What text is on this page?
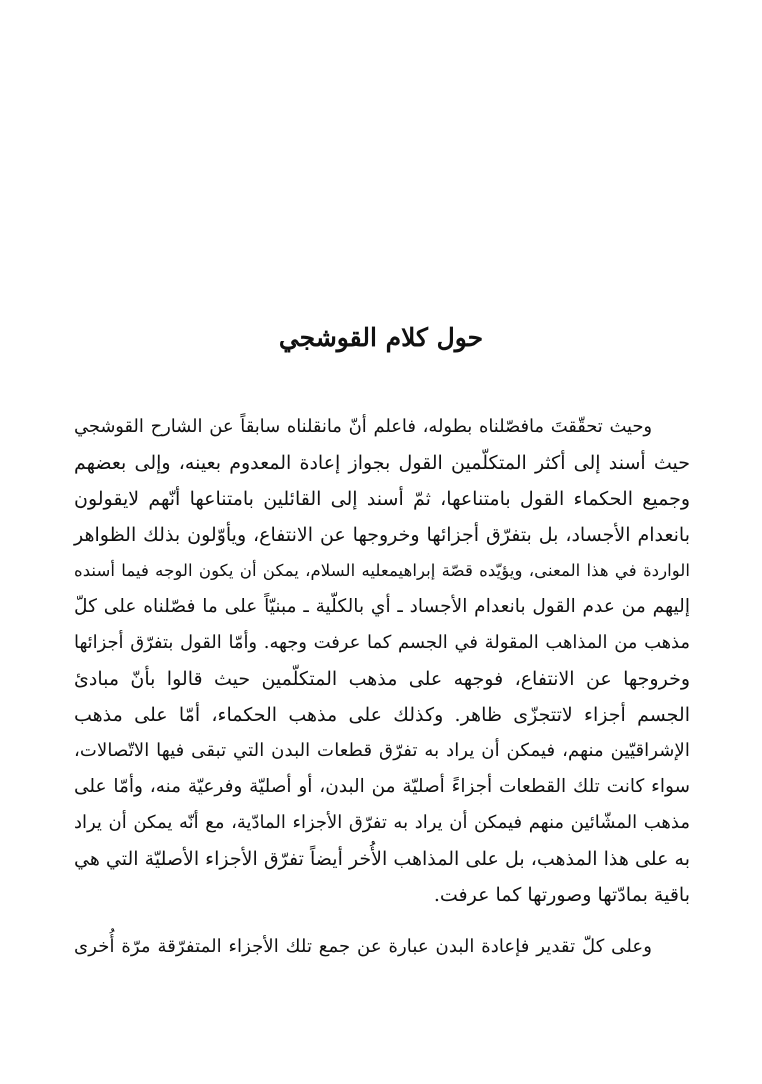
حول كلام القوشجي
وحيث تحقّقتَ مافصّلناه بطوله، فاعلم أنّ مانقلناه سابقاً عن الشارح القوشجي
حيث أسند إلى أكثر المتكلّمين القول بجواز إعادة المعدوم بعينه، وإلى بعضهم
وجميع الحكماء القول بامتناعها، ثمّ أسند إلى القائلين بامتناعها أنّهم لايقولون
بانعدام الأجساد، بل بتفرّق أجزائها وخروجها عن الانتفاع، ويأوّلون بذلك الظواهر
الواردة في هذا المعنى، ويؤيّده قصّة إبراهيمعليه السلام، يمكن أن يكون الوجه فيما أسنده
إليهم من عدم القول بانعدام الأجساد ـ أي بالكلّية ـ مبنيّاً على ما فصّلناه على كلّ
مذهب من المذاهب المقولة في الجسم كما عرفت وجهه. وأمّا القول بتفرّق أجزائها
وخروجها عن الانتفاع، فوجهه على مذهب المتكلّمين حيث قالوا بأنّ مبادئ
الجسم أجزاء لاتتجزّى ظاهر. وكذلك على مذهب الحكماء، أمّا على مذهب
الإشراقيّين منهم، فيمكن أن يراد به تفرّق قطعات البدن التي تبقى فيها الاتّصالات،
سواء كانت تلك القطعات أجزاءً أصليّة من البدن، أو أصليّة وفرعيّة منه، وأمّا على
مذهب المشّائين منهم فيمكن أن يراد به تفرّق الأجزاء المادّية، مع أنّه يمكن أن يراد
به على هذا المذهب، بل على المذاهب الأُخر أيضاً تفرّق الأجزاء الأصليّة التي هي
باقية بمادّتها وصورتها كما عرفت.
وعلى كلّ تقدير فإعادة البدن عبارة عن جمع تلك الأجزاء المتفرّقة مرّة أُخرى
